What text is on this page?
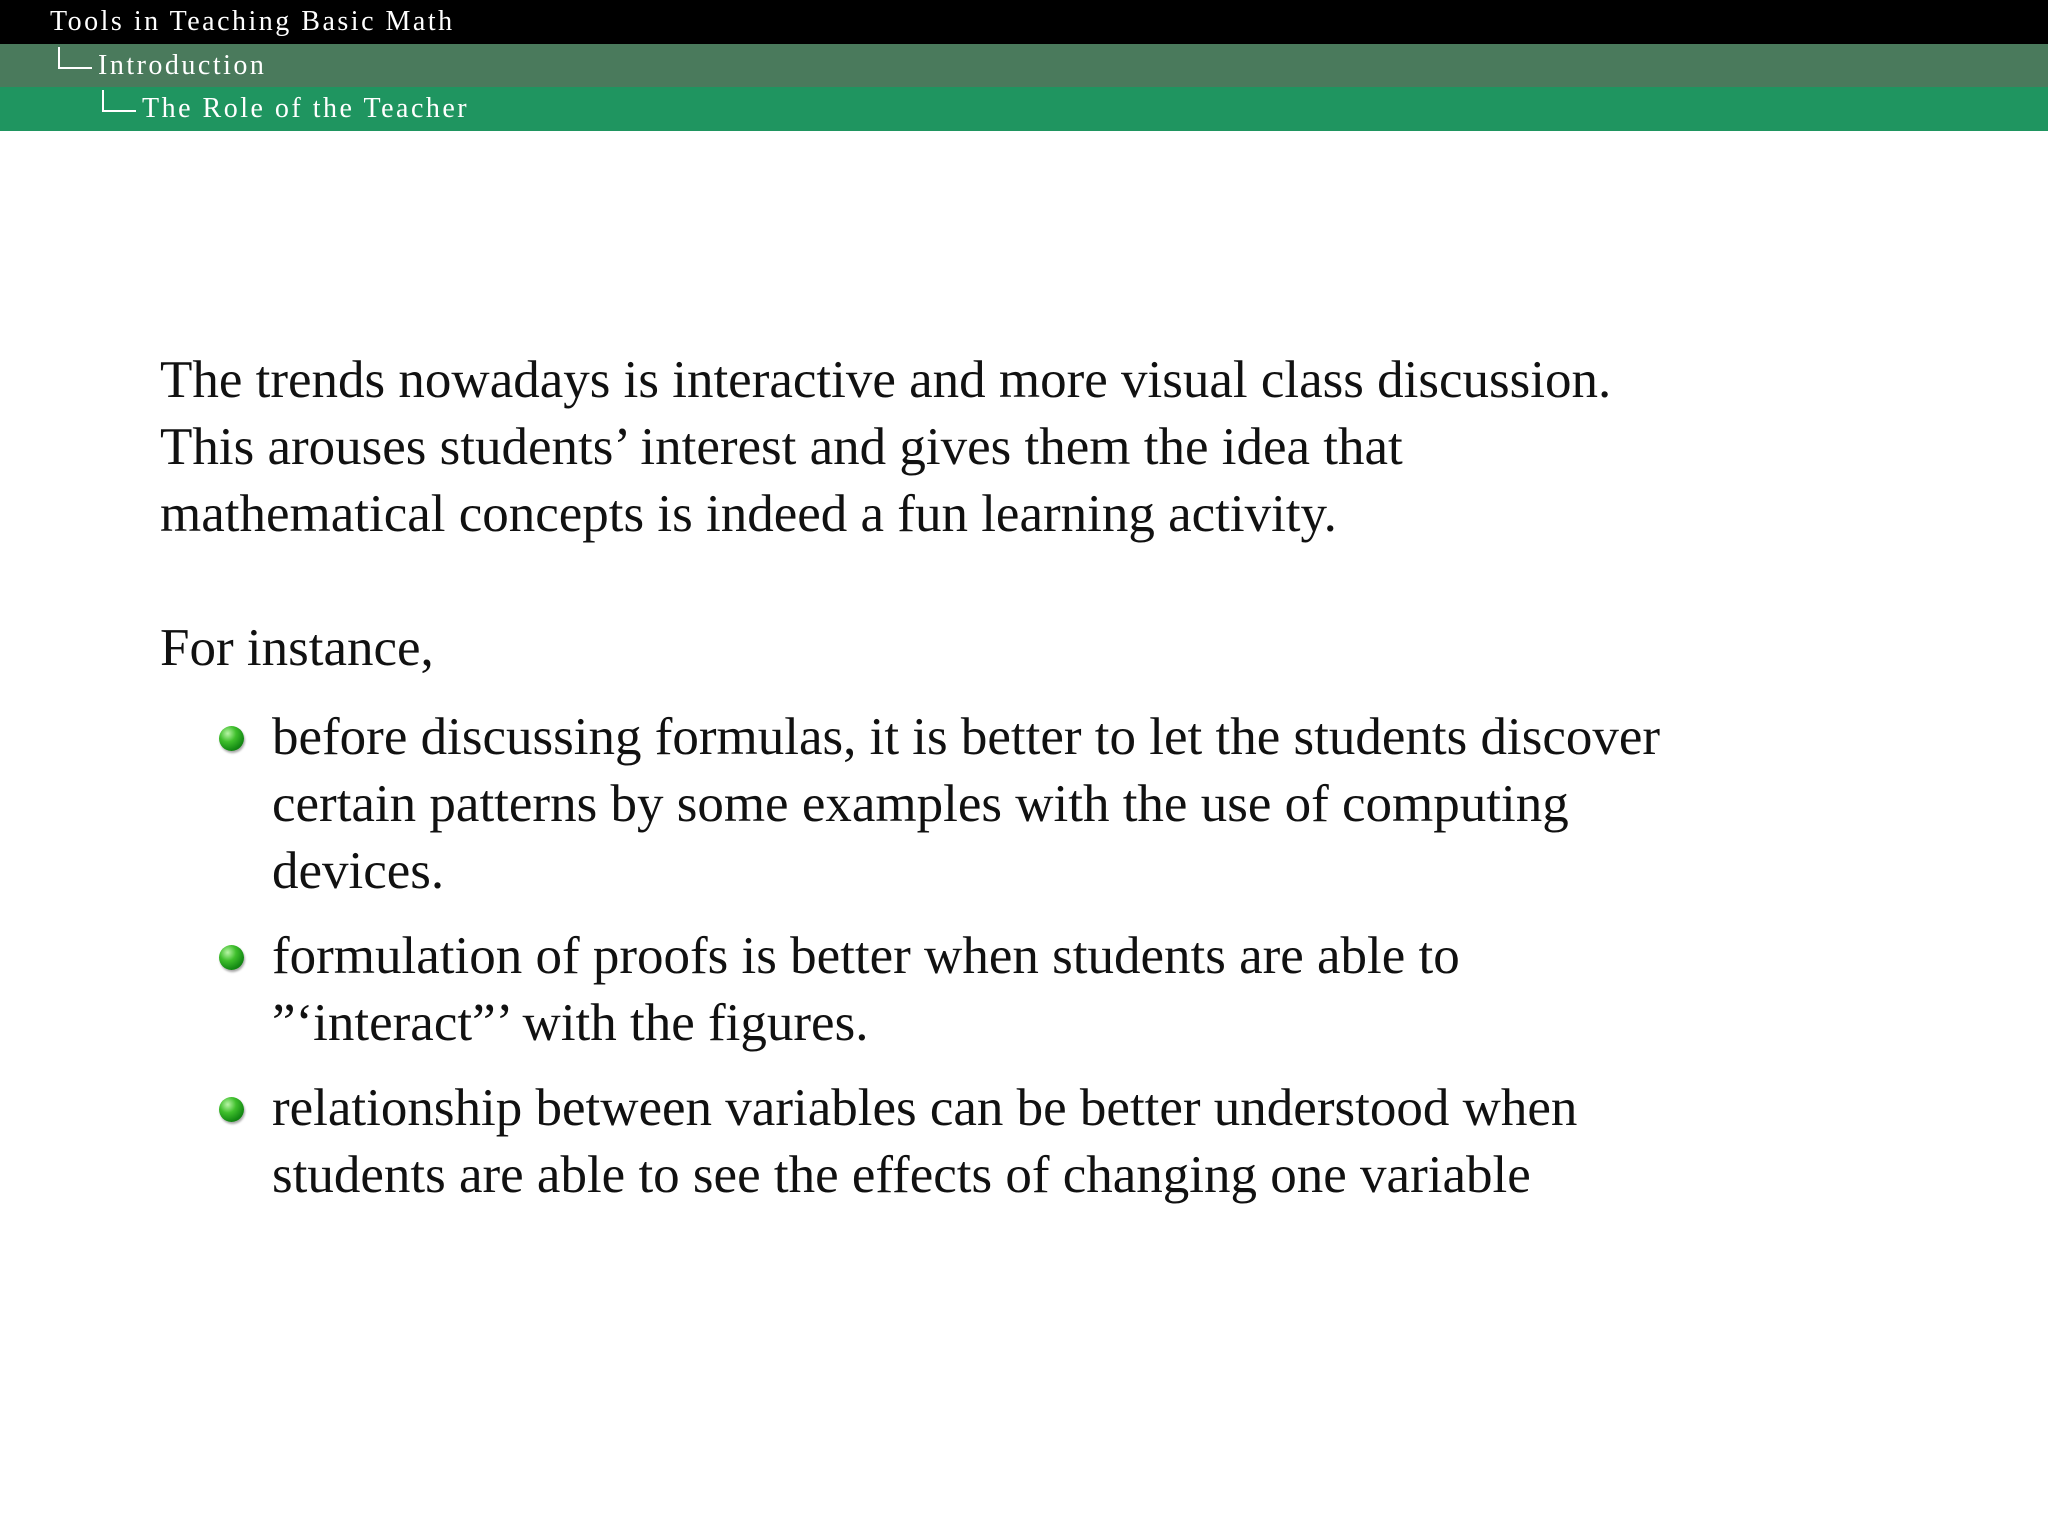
Tools in Teaching Basic Math
Introduction
The Role of the Teacher

The trends nowadays is interactive and more visual class discussion.
This arouses students’ interest and gives them the idea that
mathematical concepts is indeed a fun learning activity.

For instance,

before discussing formulas, it is better to let the students discover
certain patterns by some examples with the use of computing
devices.
formulation of proofs is better when students are able to
”‘interact”’ with the figures.
relationship between variables can be better understood when
students are able to see the effects of changing one variable
